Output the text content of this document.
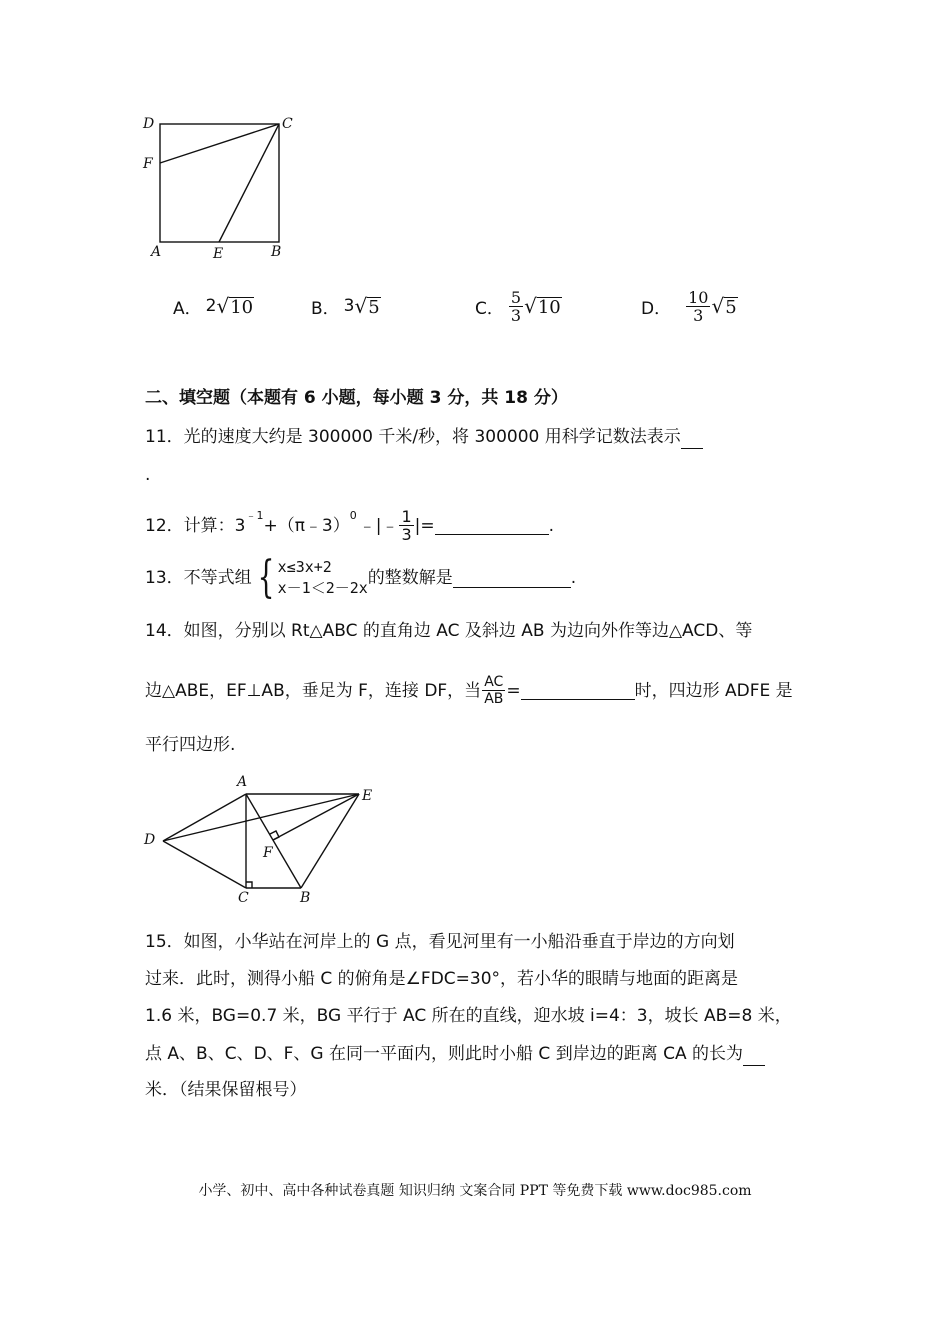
D	C
F
A	E	B
A． 2 √ 10	B． 3 √ 5	C． $\frac{5}{3}$ √ 10	D． $\frac{10}{3}$ √ 5
二、填空题（本题有 6 小题，每小题 3 分，共 18 分）
11．光的速度大约是 300000 千米/秒，将 300000 用科学记数法表示
.
12．计算：$3^{﹣1}$ +（π﹣3）$^0$ ﹣|﹣ $\frac{1}{3}$ |=	.
13．不等式组 { x≤3x+2
x－1＜2－2x 的整数解是	.
14．如图，分别以 Rt△ABC 的直角边 AC 及斜边 AB 为边向外作等边△ACD、等
边△ABE，EF⊥AB，垂足为 F，连接 DF，当 $\frac{AC}{AB}$ =	时，四边形 ADFE 是
平行四边形.
A
E
D
F
C	B
15．如图，小华站在河岸上的 G 点，看见河里有一小船沿垂直于岸边的方向划
过来．此时，测得小船 C 的俯角是∠FDC=30°，若小华的眼睛与地面的距离是
1.6 米，BG=0.7 米，BG 平行于 AC 所在的直线，迎水坡 i=4：3，坡长 AB=8 米，
点 A、B、C、D、F、G 在同一平面内，则此时小船 C 到岸边的距离 CA 的长为
米．（结果保留根号）
小学、初中、高中各种试卷真题 知识归纳 文案合同 PPT 等免费下载 www.doc985.com
